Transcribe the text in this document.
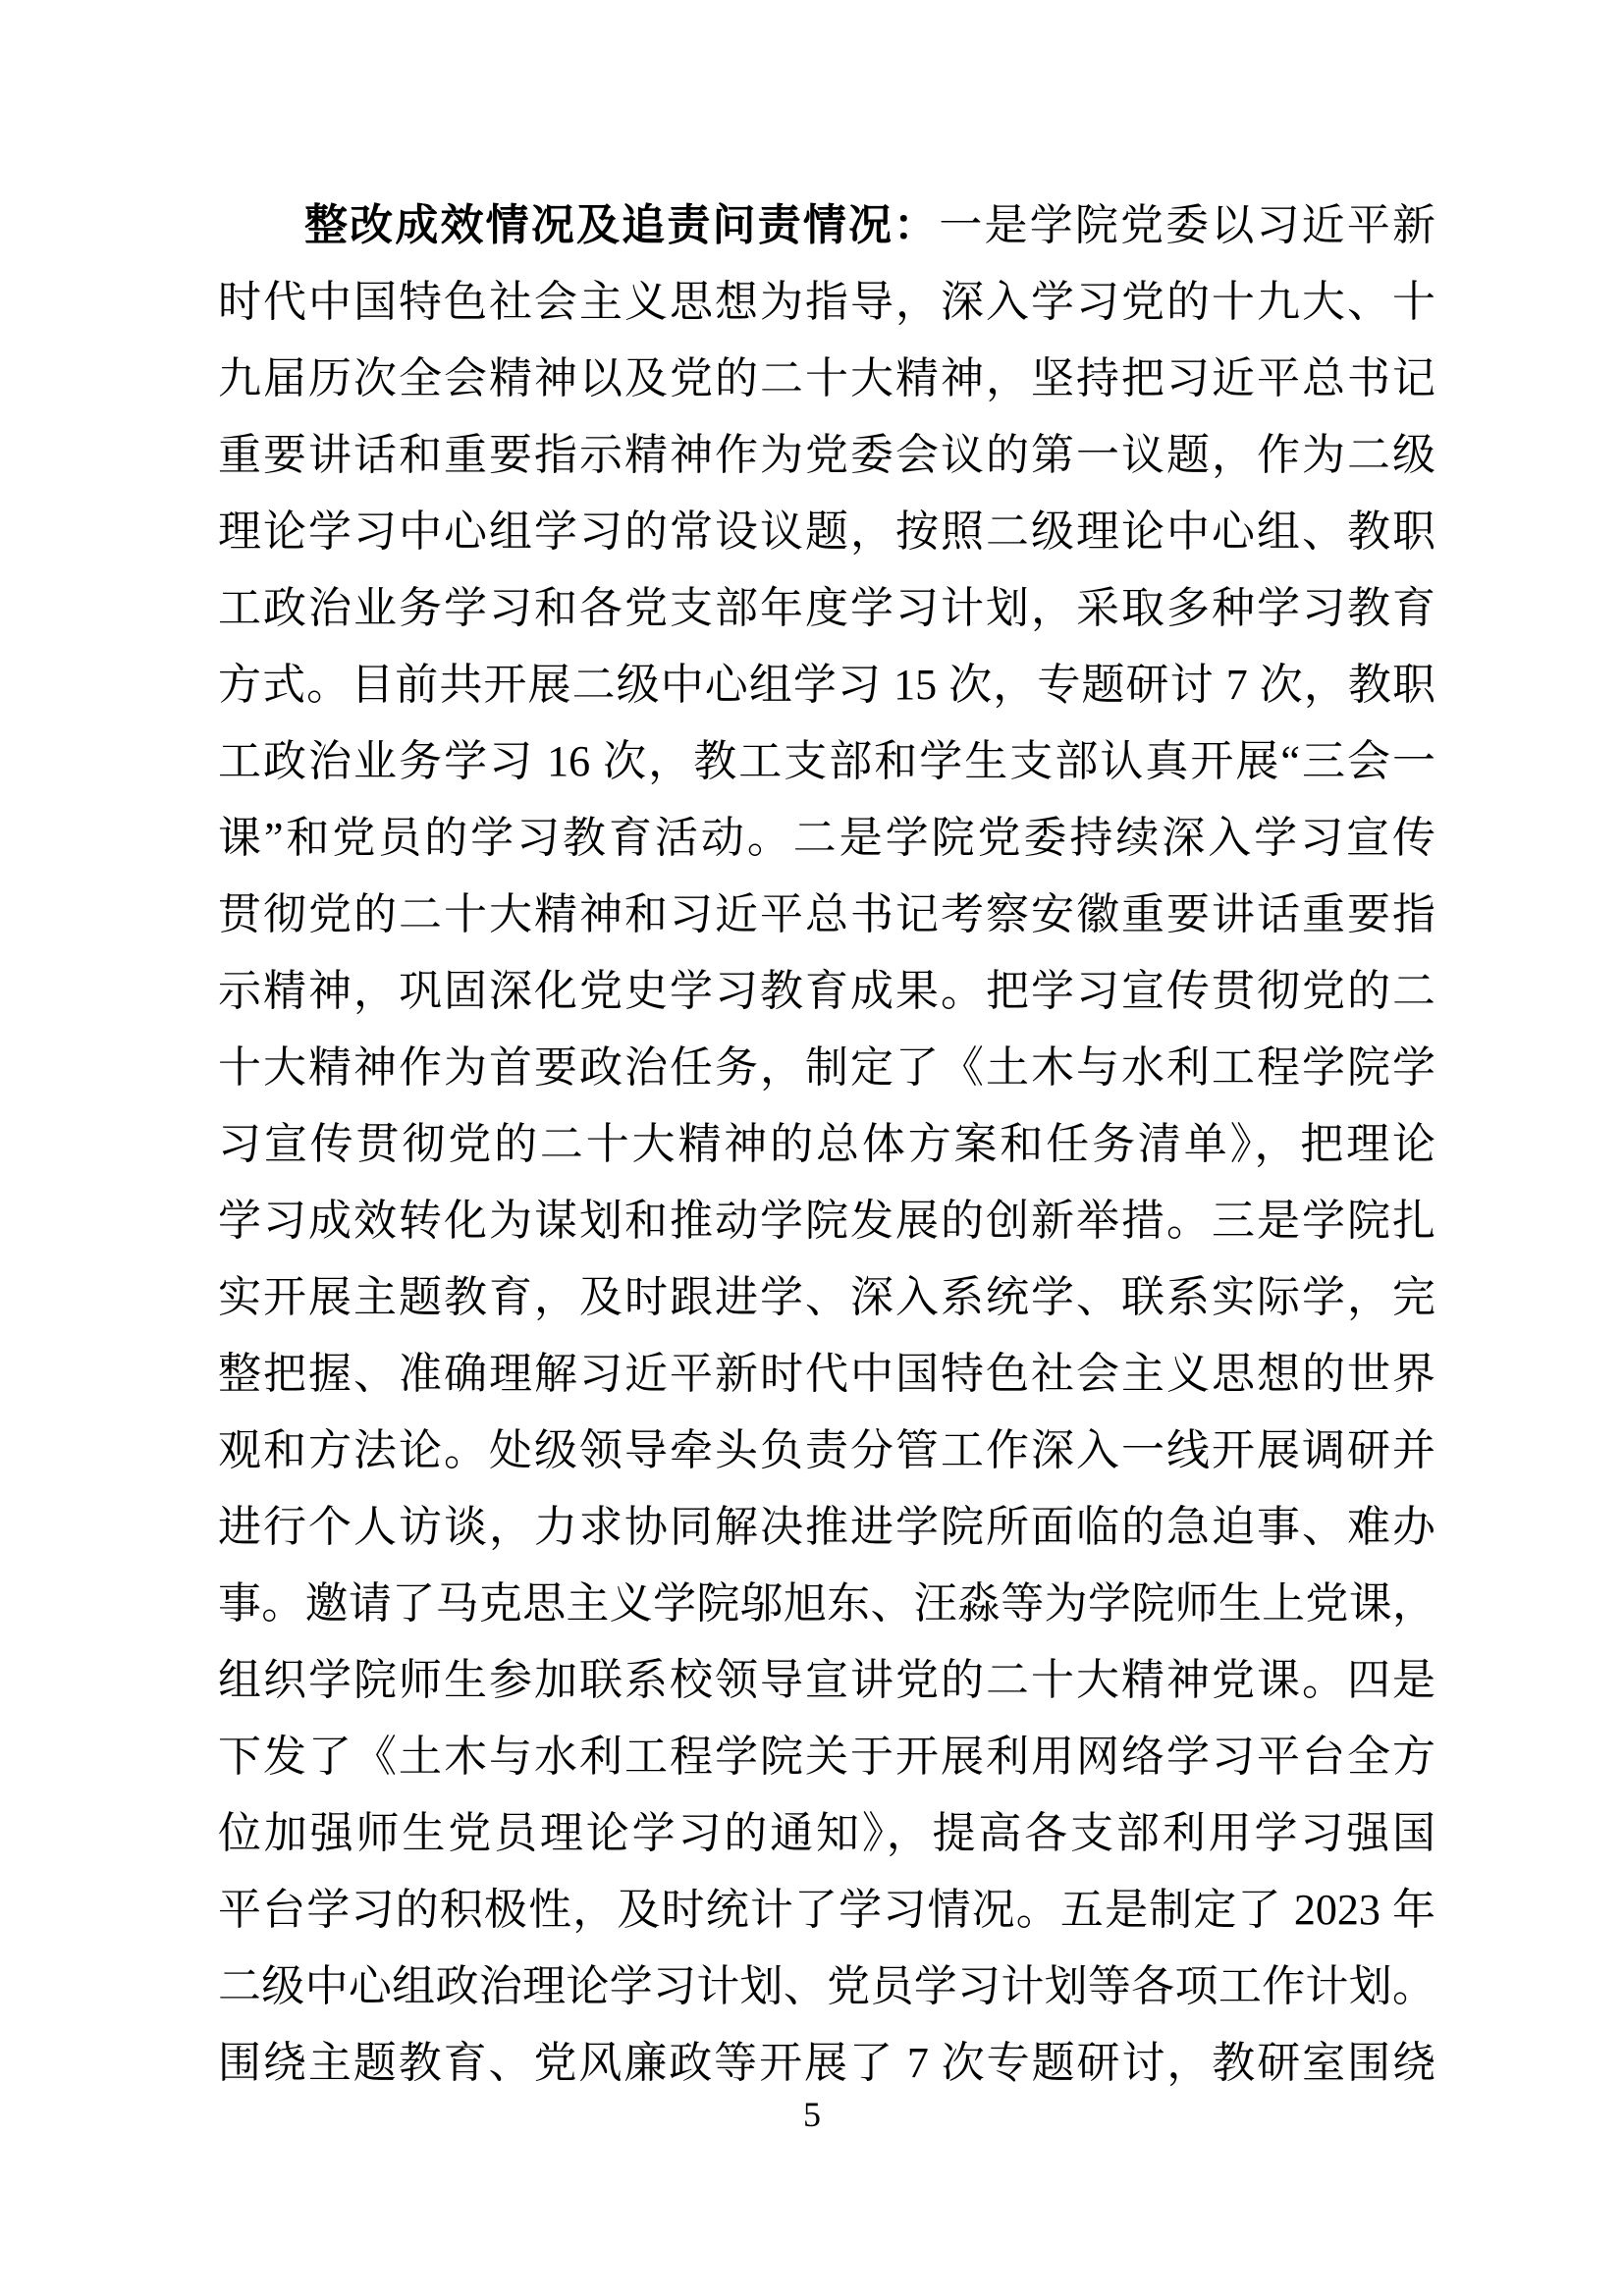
整改成效情况及追责问责情况：一是学院党委以习近平新
时代中国特色社会主义思想为指导，深入学习党的十九大、十
九届历次全会精神以及党的二十大精神，坚持把习近平总书记
重要讲话和重要指示精神作为党委会议的第一议题，作为二级
理论学习中心组学习的常设议题，按照二级理论中心组、教职
工政治业务学习和各党支部年度学习计划，采取多种学习教育
方式。目前共开展二级中心组学习 15 次，专题研讨 7 次，教职
工政治业务学习 16 次，教工支部和学生支部认真开展“三会一
课”和党员的学习教育活动。二是学院党委持续深入学习宣传
贯彻党的二十大精神和习近平总书记考察安徽重要讲话重要指
示精神，巩固深化党史学习教育成果。把学习宣传贯彻党的二
十大精神作为首要政治任务，制定了《土木与水利工程学院学
习宣传贯彻党的二十大精神的总体方案和任务清单》，把理论
学习成效转化为谋划和推动学院发展的创新举措。三是学院扎
实开展主题教育，及时跟进学、深入系统学、联系实际学，完
整把握、准确理解习近平新时代中国特色社会主义思想的世界
观和方法论。处级领导牵头负责分管工作深入一线开展调研并
进行个人访谈，力求协同解决推进学院所面临的急迫事、难办
事。邀请了马克思主义学院邬旭东、汪淼等为学院师生上党课，
组织学院师生参加联系校领导宣讲党的二十大精神党课。四是
下发了《土木与水利工程学院关于开展利用网络学习平台全方
位加强师生党员理论学习的通知》，提高各支部利用学习强国
平台学习的积极性，及时统计了学习情况。五是制定了 2023 年
二级中心组政治理论学习计划、党员学习计划等各项工作计划。
围绕主题教育、党风廉政等开展了 7 次专题研讨，教研室围绕
5
